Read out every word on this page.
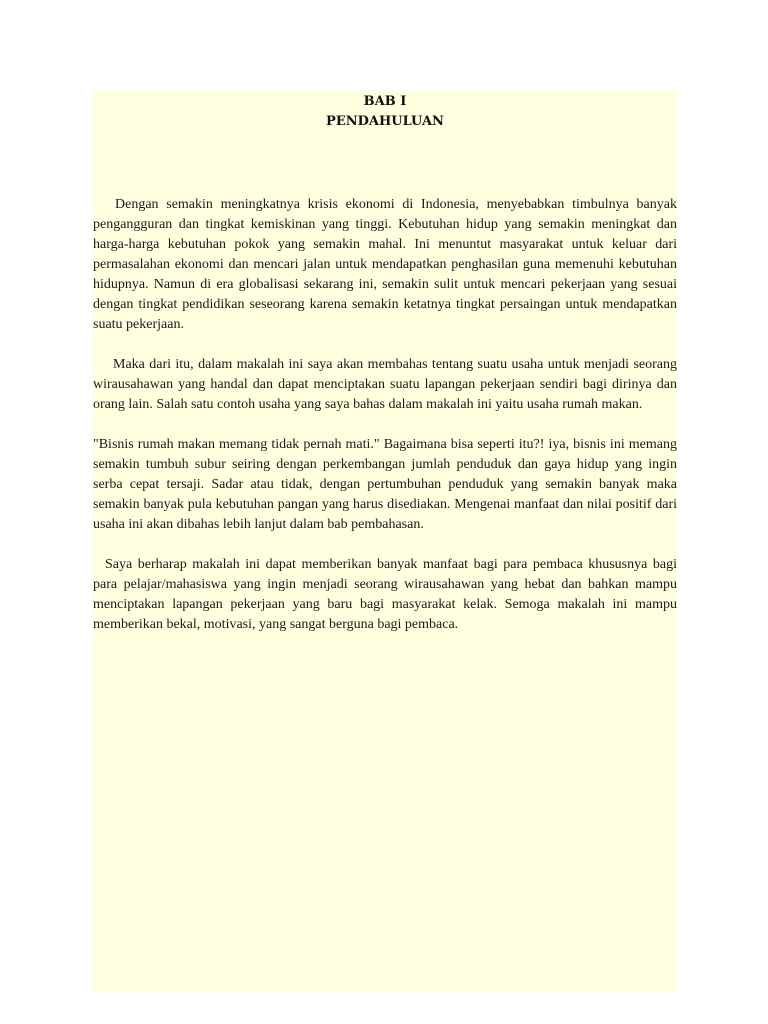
BAB I
PENDAHULUAN

Dengan semakin meningkatnya krisis ekonomi di Indonesia, menyebabkan timbulnya banyak pengangguran dan tingkat kemiskinan yang tinggi. Kebutuhan hidup yang semakin meningkat dan harga-harga kebutuhan pokok yang semakin mahal. Ini menuntut masyarakat untuk keluar dari permasalahan ekonomi dan mencari jalan untuk mendapatkan penghasilan guna memenuhi kebutuhan hidupnya. Namun di era globalisasi sekarang ini, semakin sulit untuk mencari pekerjaan yang sesuai dengan tingkat pendidikan seseorang karena semakin ketatnya tingkat persaingan untuk mendapatkan suatu pekerjaan.

Maka dari itu, dalam makalah ini saya akan membahas tentang suatu usaha untuk menjadi seorang wirausahawan yang handal dan dapat menciptakan suatu lapangan pekerjaan sendiri bagi dirinya dan orang lain. Salah satu contoh usaha yang saya bahas dalam makalah ini yaitu usaha rumah makan.

"Bisnis rumah makan memang tidak pernah mati." Bagaimana bisa seperti itu?! iya, bisnis ini memang semakin tumbuh subur seiring dengan perkembangan jumlah penduduk dan gaya hidup yang ingin serba cepat tersaji. Sadar atau tidak, dengan pertumbuhan penduduk yang semakin banyak maka semakin banyak pula kebutuhan pangan yang harus disediakan. Mengenai manfaat dan nilai positif dari usaha ini akan dibahas lebih lanjut dalam bab pembahasan.

Saya berharap makalah ini dapat memberikan banyak manfaat bagi para pembaca khususnya bagi para pelajar/mahasiswa yang ingin menjadi seorang wirausahawan yang hebat dan bahkan mampu menciptakan lapangan pekerjaan yang baru bagi masyarakat kelak. Semoga makalah ini mampu memberikan bekal, motivasi, yang sangat berguna bagi pembaca.
